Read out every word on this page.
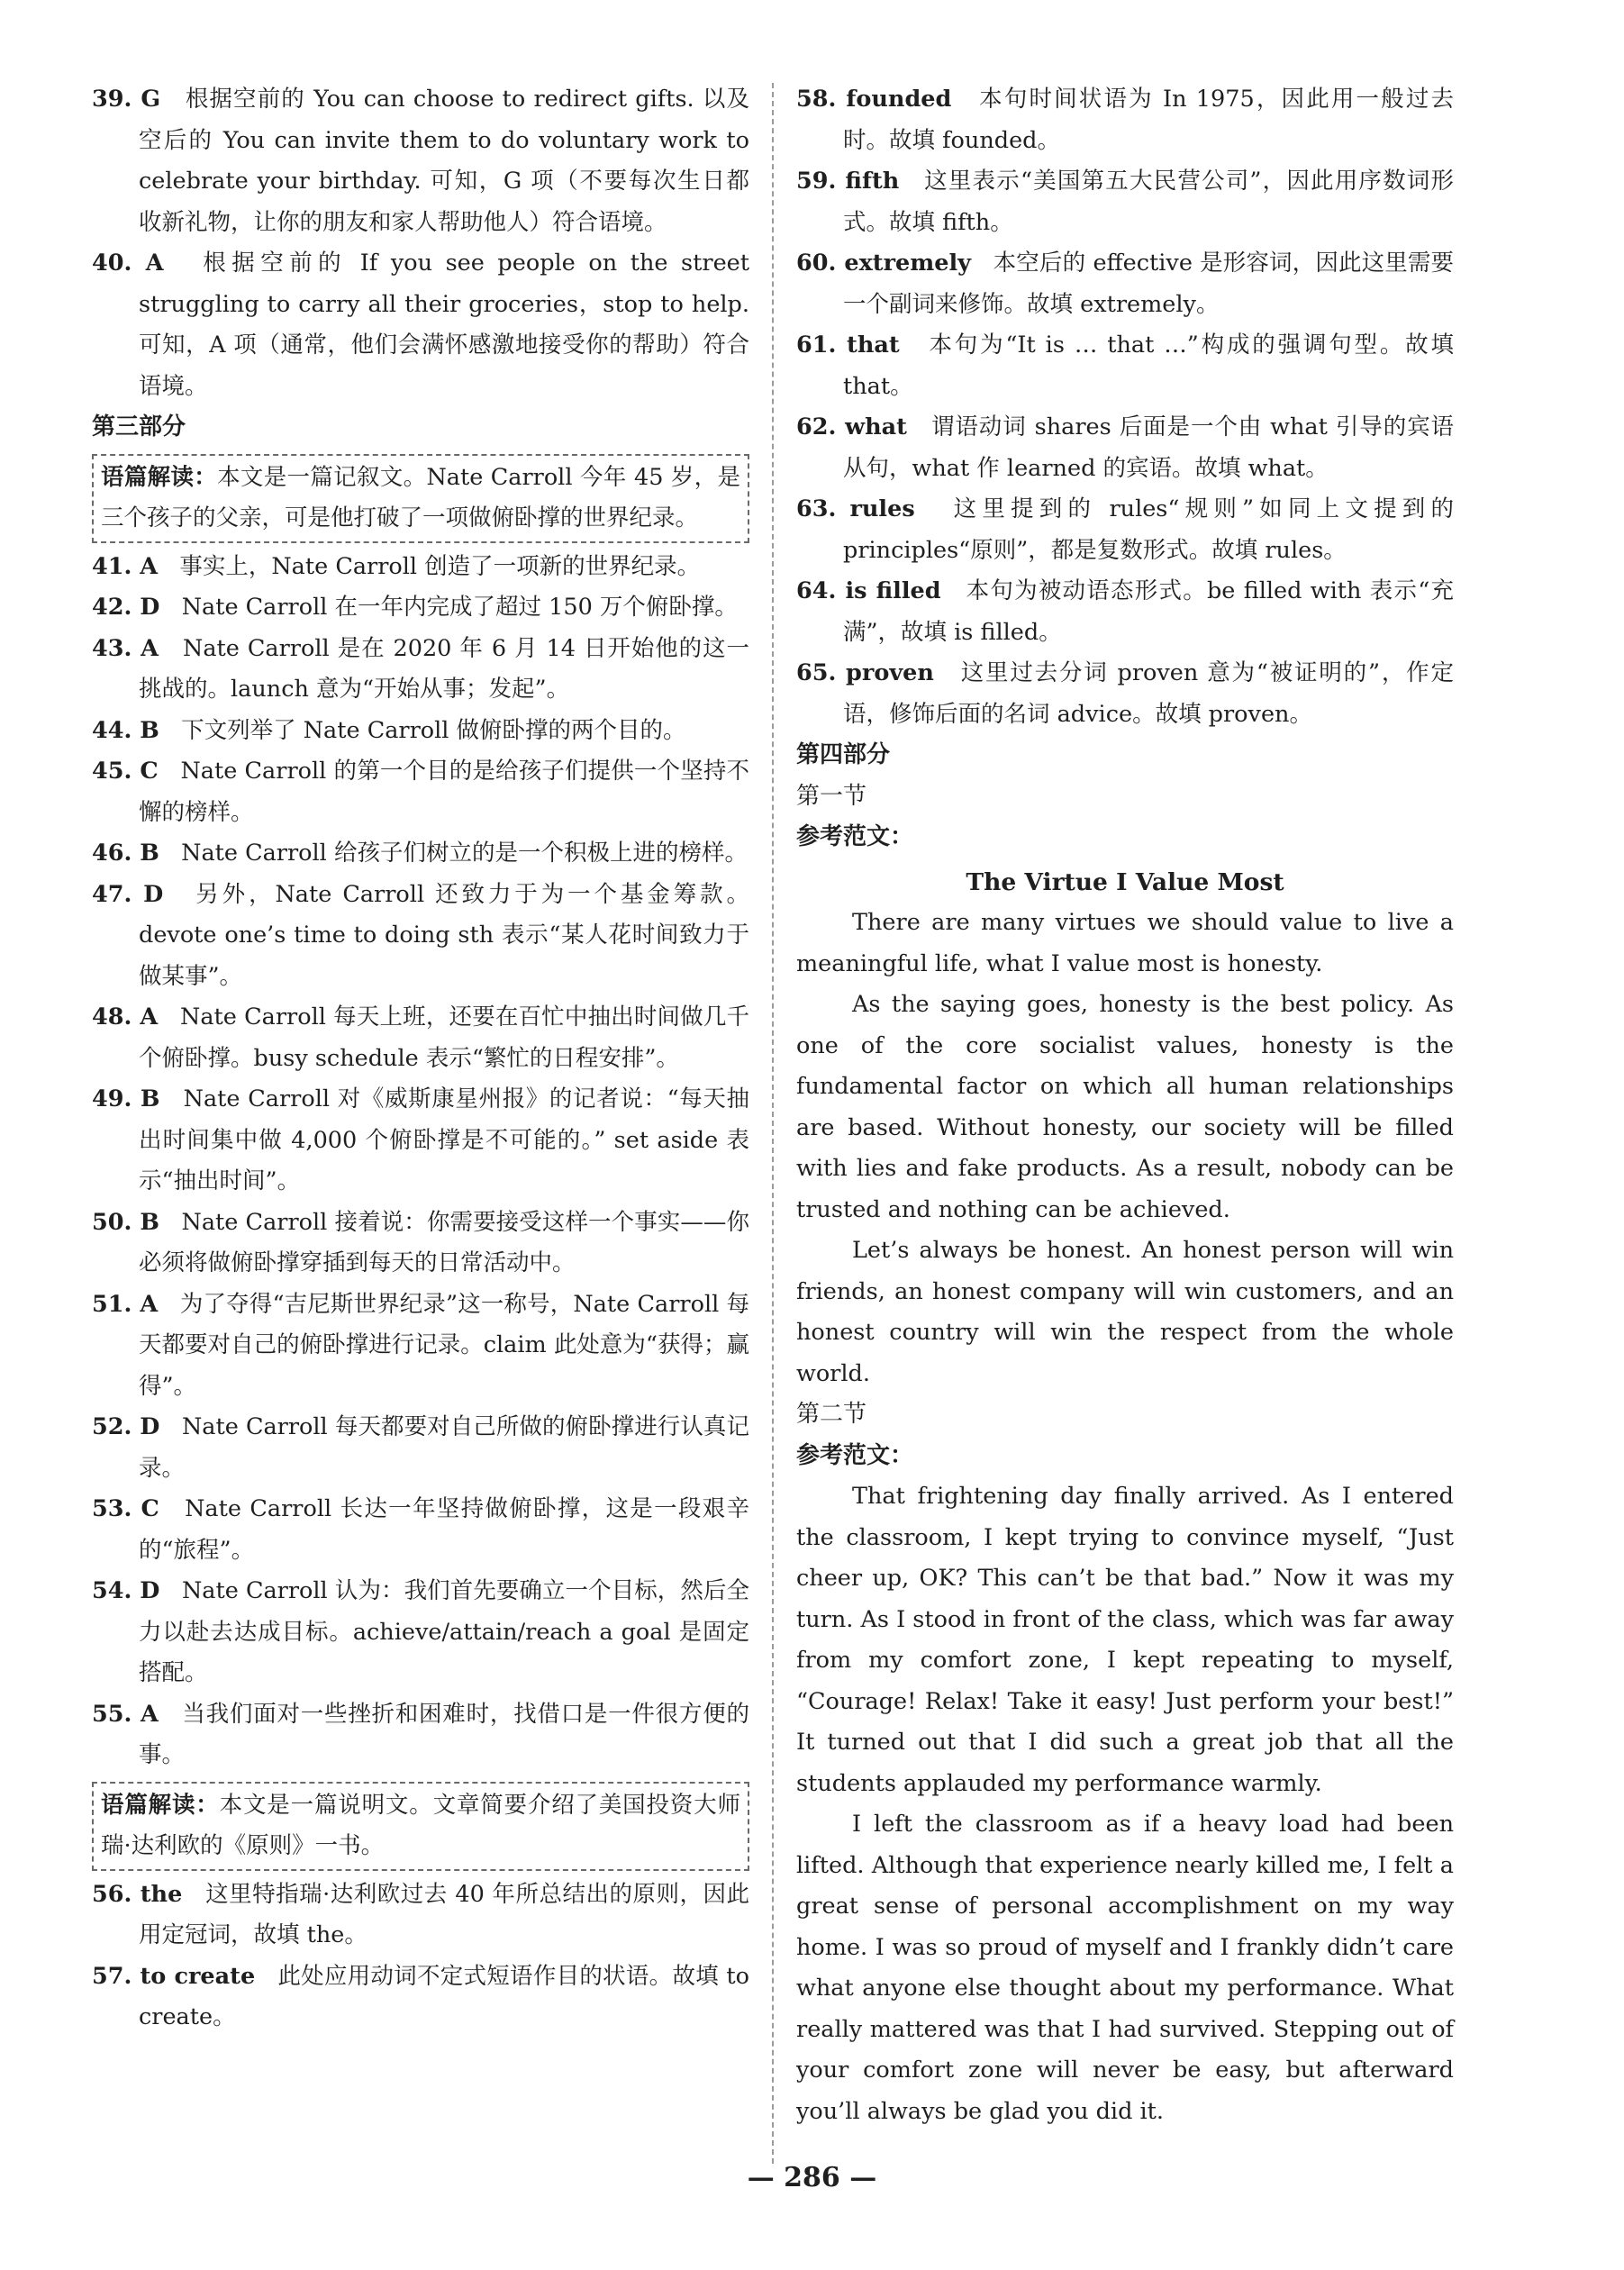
39. G 根据空前的 You can choose to redirect gifts. 以及空后的 You can invite them to do voluntary work to celebrate your birthday. 可知，G 项（不要每次生日都收新礼物，让你的朋友和家人帮助他人）符合语境。

40. A 根据空前的 If you see people on the street struggling to carry all their groceries，stop to help. 可知，A 项（通常，他们会满怀感激地接受你的帮助）符合语境。

第三部分

语篇解读：本文是一篇记叙文。Nate Carroll 今年 45 岁，是三个孩子的父亲，可是他打破了一项做俯卧撑的世界纪录。

41. A 事实上，Nate Carroll 创造了一项新的世界纪录。

42. D Nate Carroll 在一年内完成了超过 150 万个俯卧撑。

43. A Nate Carroll 是在 2020 年 6 月 14 日开始他的这一挑战的。launch 意为“开始从事；发起”。

44. B 下文列举了 Nate Carroll 做俯卧撑的两个目的。

45. C Nate Carroll 的第一个目的是给孩子们提供一个坚持不懈的榜样。

46. B Nate Carroll 给孩子们树立的是一个积极上进的榜样。

47. D 另外，Nate Carroll 还致力于为一个基金筹款。devote one’s time to doing sth 表示“某人花时间致力于做某事”。

48. A Nate Carroll 每天上班，还要在百忙中抽出时间做几千个俯卧撑。busy schedule 表示“繁忙的日程安排”。

49. B Nate Carroll 对《威斯康星州报》的记者说：“每天抽出时间集中做 4,000 个俯卧撑是不可能的。” set aside 表示“抽出时间”。

50. B Nate Carroll 接着说：你需要接受这样一个事实——你必须将做俯卧撑穿插到每天的日常活动中。

51. A 为了夺得“吉尼斯世界纪录”这一称号，Nate Carroll 每天都要对自己的俯卧撑进行记录。claim 此处意为“获得；赢得”。

52. D Nate Carroll 每天都要对自己所做的俯卧撑进行认真记录。

53. C Nate Carroll 长达一年坚持做俯卧撑，这是一段艰辛的“旅程”。

54. D Nate Carroll 认为：我们首先要确立一个目标，然后全力以赴去达成目标。achieve/attain/reach a goal 是固定搭配。

55. A 当我们面对一些挫折和困难时，找借口是一件很方便的事。

语篇解读：本文是一篇说明文。文章简要介绍了美国投资大师瑞·达利欧的《原则》一书。

56. the 这里特指瑞·达利欧过去 40 年所总结出的原则，因此用定冠词，故填 the。

57. to create 此处应用动词不定式短语作目的状语。故填 to create。

58. founded 本句时间状语为 In 1975，因此用一般过去时。故填 founded。

59. fifth 这里表示“美国第五大民营公司”，因此用序数词形式。故填 fifth。

60. extremely 本空后的 effective 是形容词，因此这里需要一个副词来修饰。故填 extremely。

61. that 本句为“It is … that …”构成的强调句型。故填 that。

62. what 谓语动词 shares 后面是一个由 what 引导的宾语从句，what 作 learned 的宾语。故填 what。

63. rules 这里提到的 rules“规则”如同上文提到的 principles“原则”，都是复数形式。故填 rules。

64. is filled 本句为被动语态形式。be filled with 表示“充满”，故填 is filled。

65. proven 这里过去分词 proven 意为“被证明的”，作定语，修饰后面的名词 advice。故填 proven。

第四部分

第一节

参考范文：

The Virtue I Value Most

There are many virtues we should value to live a meaningful life, what I value most is honesty.

As the saying goes, honesty is the best policy. As one of the core socialist values, honesty is the fundamental factor on which all human relationships are based. Without honesty, our society will be filled with lies and fake products. As a result, nobody can be trusted and nothing can be achieved.

Let’s always be honest. An honest person will win friends, an honest company will win customers, and an honest country will win the respect from the whole world.

第二节

参考范文：

That frightening day finally arrived. As I entered the classroom, I kept trying to convince myself, “Just cheer up, OK? This can’t be that bad.” Now it was my turn. As I stood in front of the class, which was far away from my comfort zone, I kept repeating to myself, “Courage! Relax! Take it easy! Just perform your best!” It turned out that I did such a great job that all the students applauded my performance warmly.

I left the classroom as if a heavy load had been lifted. Although that experience nearly killed me, I felt a great sense of personal accomplishment on my way home. I was so proud of myself and I frankly didn’t care what anyone else thought about my performance. What really mattered was that I had survived. Stepping out of your comfort zone will never be easy, but afterward you’ll always be glad you did it.

— 286 —
